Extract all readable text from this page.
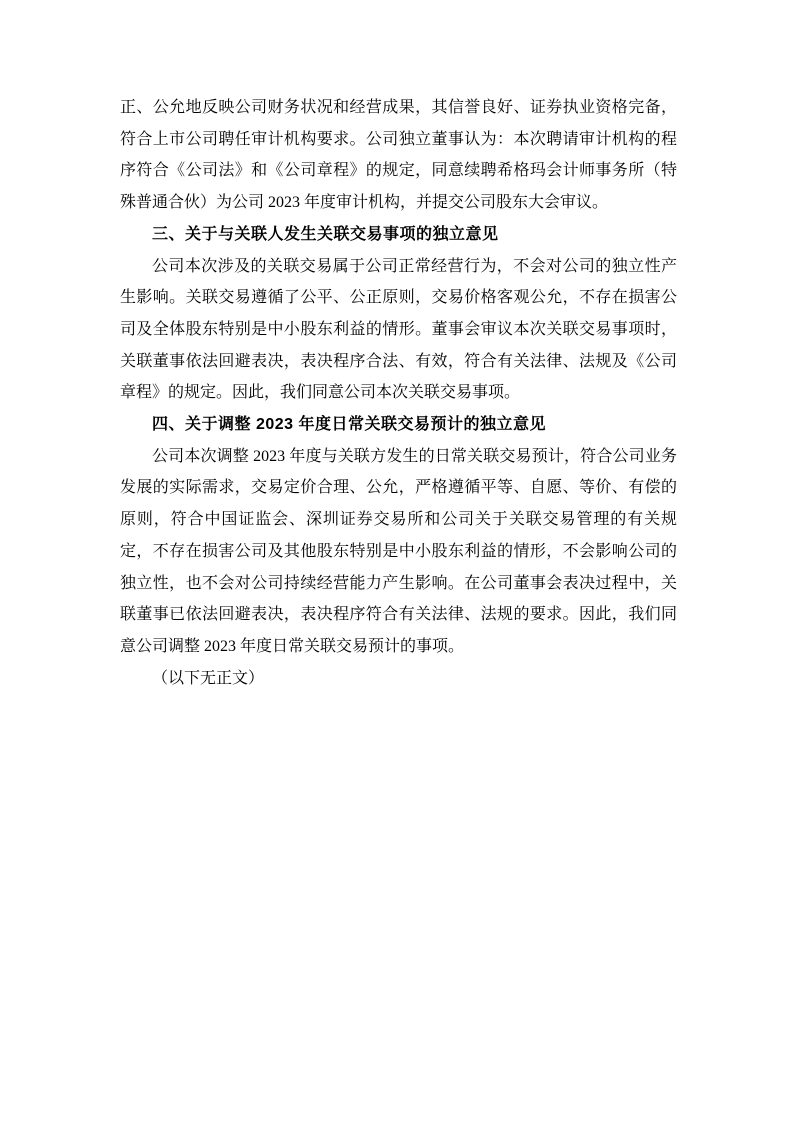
正、公允地反映公司财务状况和经营成果，其信誉良好、证券执业资格完备，符合上市公司聘任审计机构要求。公司独立董事认为：本次聘请审计机构的程序符合《公司法》和《公司章程》的规定，同意续聘希格玛会计师事务所（特殊普通合伙）为公司 2023 年度审计机构，并提交公司股东大会审议。

三、关于与关联人发生关联交易事项的独立意见

公司本次涉及的关联交易属于公司正常经营行为，不会对公司的独立性产生影响。关联交易遵循了公平、公正原则，交易价格客观公允，不存在损害公司及全体股东特别是中小股东利益的情形。董事会审议本次关联交易事项时，关联董事依法回避表决，表决程序合法、有效，符合有关法律、法规及《公司章程》的规定。因此，我们同意公司本次关联交易事项。

四、关于调整 2023 年度日常关联交易预计的独立意见

公司本次调整 2023 年度与关联方发生的日常关联交易预计，符合公司业务发展的实际需求，交易定价合理、公允，严格遵循平等、自愿、等价、有偿的原则，符合中国证监会、深圳证券交易所和公司关于关联交易管理的有关规定，不存在损害公司及其他股东特别是中小股东利益的情形，不会影响公司的独立性，也不会对公司持续经营能力产生影响。在公司董事会表决过程中，关联董事已依法回避表决，表决程序符合有关法律、法规的要求。因此，我们同意公司调整 2023 年度日常关联交易预计的事项。

（以下无正文）
